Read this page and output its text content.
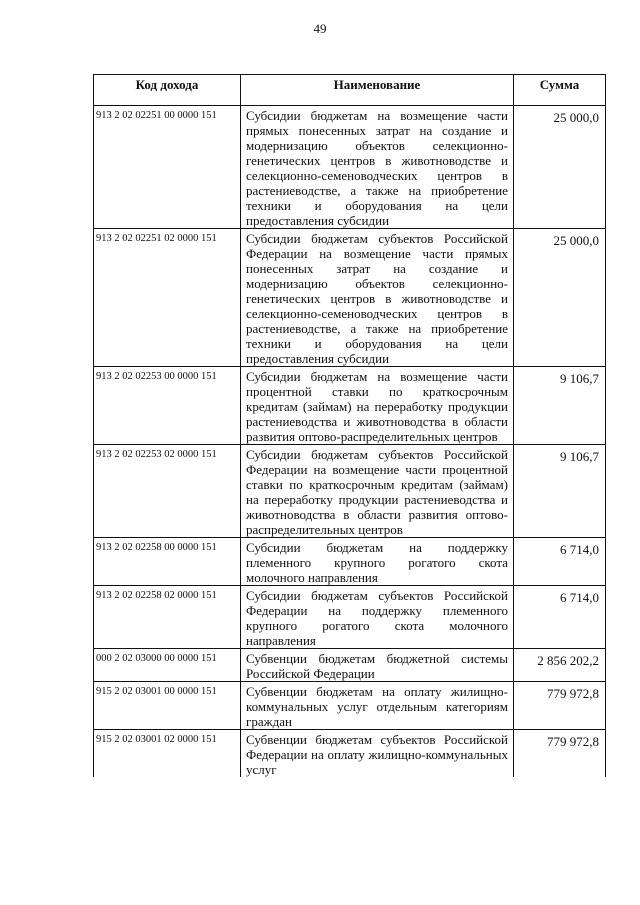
49
Код дохода	Наименование	Сумма
913 2 02 02251 00 0000 151	Субсидии бюджетам на возмещение части прямых понесенных затрат на создание и модернизацию объектов селекционно-генетических центров в животноводстве и селекционно-семеноводческих центров в растениеводстве, а также на приобретение техники и оборудования на цели предоставления субсидии	25 000,0
913 2 02 02251 02 0000 151	Субсидии бюджетам субъектов Российской Федерации на возмещение части прямых понесенных затрат на создание и модернизацию объектов селекционно-генетических центров в животноводстве и селекционно-семеноводческих центров в растениеводстве, а также на приобретение техники и оборудования на цели предоставления субсидии	25 000,0
913 2 02 02253 00 0000 151	Субсидии бюджетам на возмещение части процентной ставки по краткосрочным кредитам (займам) на переработку продукции растениеводства и животноводства в области развития оптово-распределительных центров	9 106,7
913 2 02 02253 02 0000 151	Субсидии бюджетам субъектов Российской Федерации на возмещение части процентной ставки по краткосрочным кредитам (займам) на переработку продукции растениеводства и животноводства в области развития оптово-распределительных центров	9 106,7
913 2 02 02258 00 0000 151	Субсидии бюджетам на поддержку племенного крупного рогатого скота молочного направления	6 714,0
913 2 02 02258 02 0000 151	Субсидии бюджетам субъектов Российской Федерации на поддержку племенного крупного рогатого скота молочного направления	6 714,0
000 2 02 03000 00 0000 151	Субвенции бюджетам бюджетной системы Российской Федерации	2 856 202,2
915 2 02 03001 00 0000 151	Субвенции бюджетам на оплату жилищно-коммунальных услуг отдельным категориям граждан	779 972,8
915 2 02 03001 02 0000 151	Субвенции бюджетам субъектов Российской Федерации на оплату жилищно-коммунальных услуг	779 972,8
